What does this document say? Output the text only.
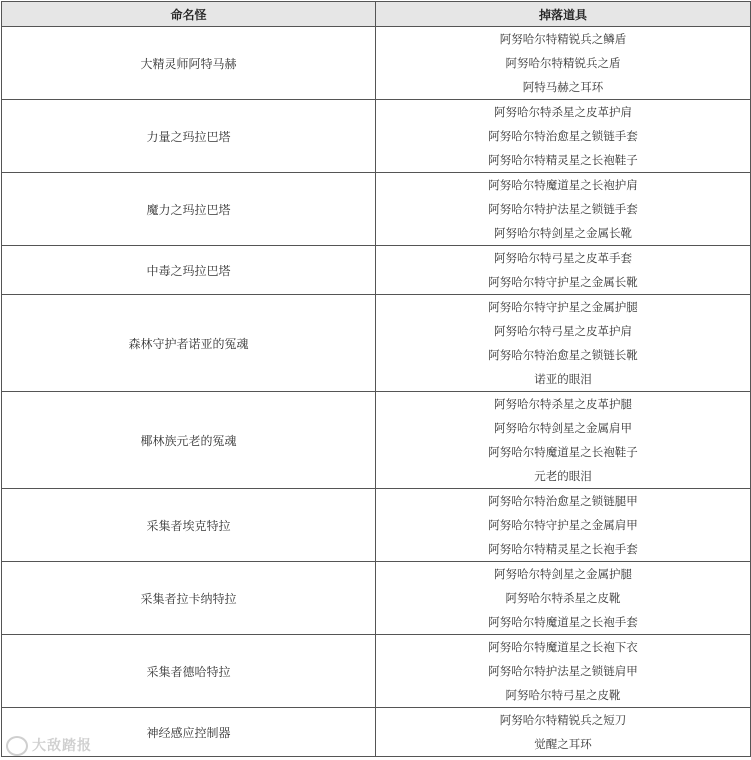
命名怪	掉落道具
大精灵师阿特马赫	阿努哈尔特精锐兵之鳞盾
阿努哈尔特精锐兵之盾
阿特马赫之耳环

力量之玛拉巴塔	阿努哈尔特杀星之皮革护肩
阿努哈尔特治愈星之锁链手套
阿努哈尔特精灵星之长袍鞋子

魔力之玛拉巴塔	阿努哈尔特魔道星之长袍护肩
阿努哈尔特护法星之锁链手套
阿努哈尔特剑星之金属长靴

中毒之玛拉巴塔	阿努哈尔特弓星之皮革手套
阿努哈尔特守护星之金属长靴

森林守护者诺亚的冤魂	阿努哈尔特守护星之金属护腿
阿努哈尔特弓星之皮革护肩
阿努哈尔特治愈星之锁链长靴
诺亚的眼泪

椰林族元老的冤魂	阿努哈尔特杀星之皮革护腿
阿努哈尔特剑星之金属肩甲
阿努哈尔特魔道星之长袍鞋子
元老的眼泪

采集者埃克特拉	阿努哈尔特治愈星之锁链腿甲
阿努哈尔特守护星之金属肩甲
阿努哈尔特精灵星之长袍手套

采集者拉卡纳特拉	阿努哈尔特剑星之金属护腿
阿努哈尔特杀星之皮靴
阿努哈尔特魔道星之长袍手套

采集者德哈特拉	阿努哈尔特魔道星之长袍下衣
阿努哈尔特护法星之锁链肩甲
阿努哈尔特弓星之皮靴

神经感应控制器	阿努哈尔特精锐兵之短刀
觉醒之耳环
大敌踏报
